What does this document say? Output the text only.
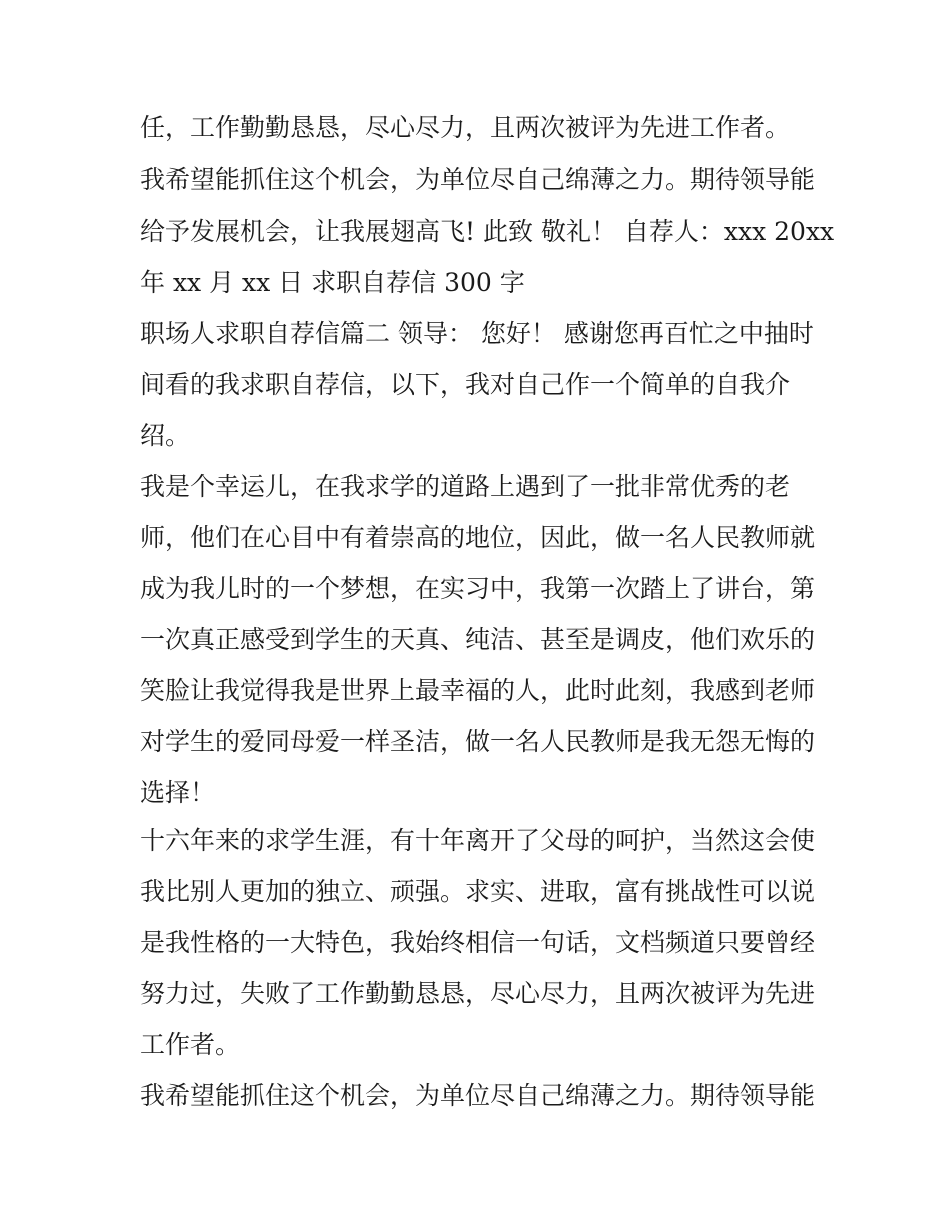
任，工作勤勤恳恳，尽心尽力，且两次被评为先进工作者。

我希望能抓住这个机会，为单位尽自己绵薄之力。期待领导能

给予发展机会，让我展翅高飞! 此致 敬礼！ 自荐人：xxx 20xx

年 xx 月 xx 日 求职自荐信 300 字

职场人求职自荐信篇二 领导： 您好！ 感谢您再百忙之中抽时

间看的我求职自荐信，以下，我对自己作一个简单的自我介

绍。

我是个幸运儿，在我求学的道路上遇到了一批非常优秀的老

师，他们在心目中有着崇高的地位，因此，做一名人民教师就

成为我儿时的一个梦想，在实习中，我第一次踏上了讲台，第

一次真正感受到学生的天真、纯洁、甚至是调皮，他们欢乐的

笑脸让我觉得我是世界上最幸福的人，此时此刻，我感到老师

对学生的爱同母爱一样圣洁，做一名人民教师是我无怨无悔的

选择！

十六年来的求学生涯，有十年离开了父母的呵护，当然这会使

我比别人更加的独立、顽强。求实、进取，富有挑战性可以说

是我性格的一大特色，我始终相信一句话，文档频道只要曾经

努力过，失败了工作勤勤恳恳，尽心尽力，且两次被评为先进

工作者。

我希望能抓住这个机会，为单位尽自己绵薄之力。期待领导能
